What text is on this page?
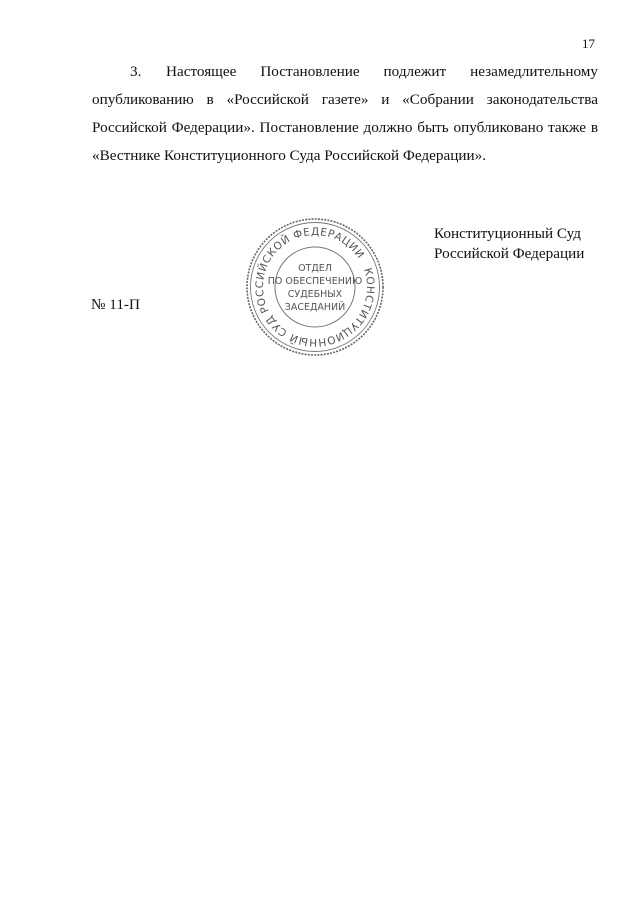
17
3. Настоящее Постановление подлежит незамедлительному
опубликованию в «Российской газете» и «Собрании законодательства
Российской Федерации». Постановление должно быть опубликовано также в
«Вестнике Конституционного Суда Российской Федерации».
Конституционный Суд
Российской Федерации
№ 11-П
КОНСТИТУЦИОННЫЙ СУД РОССИЙСКОЙ ФЕДЕРАЦИИ
ОТДЕЛ
ПО ОБЕСПЕЧЕНИЮ
СУДЕБНЫХ
ЗАСЕДАНИЙ
